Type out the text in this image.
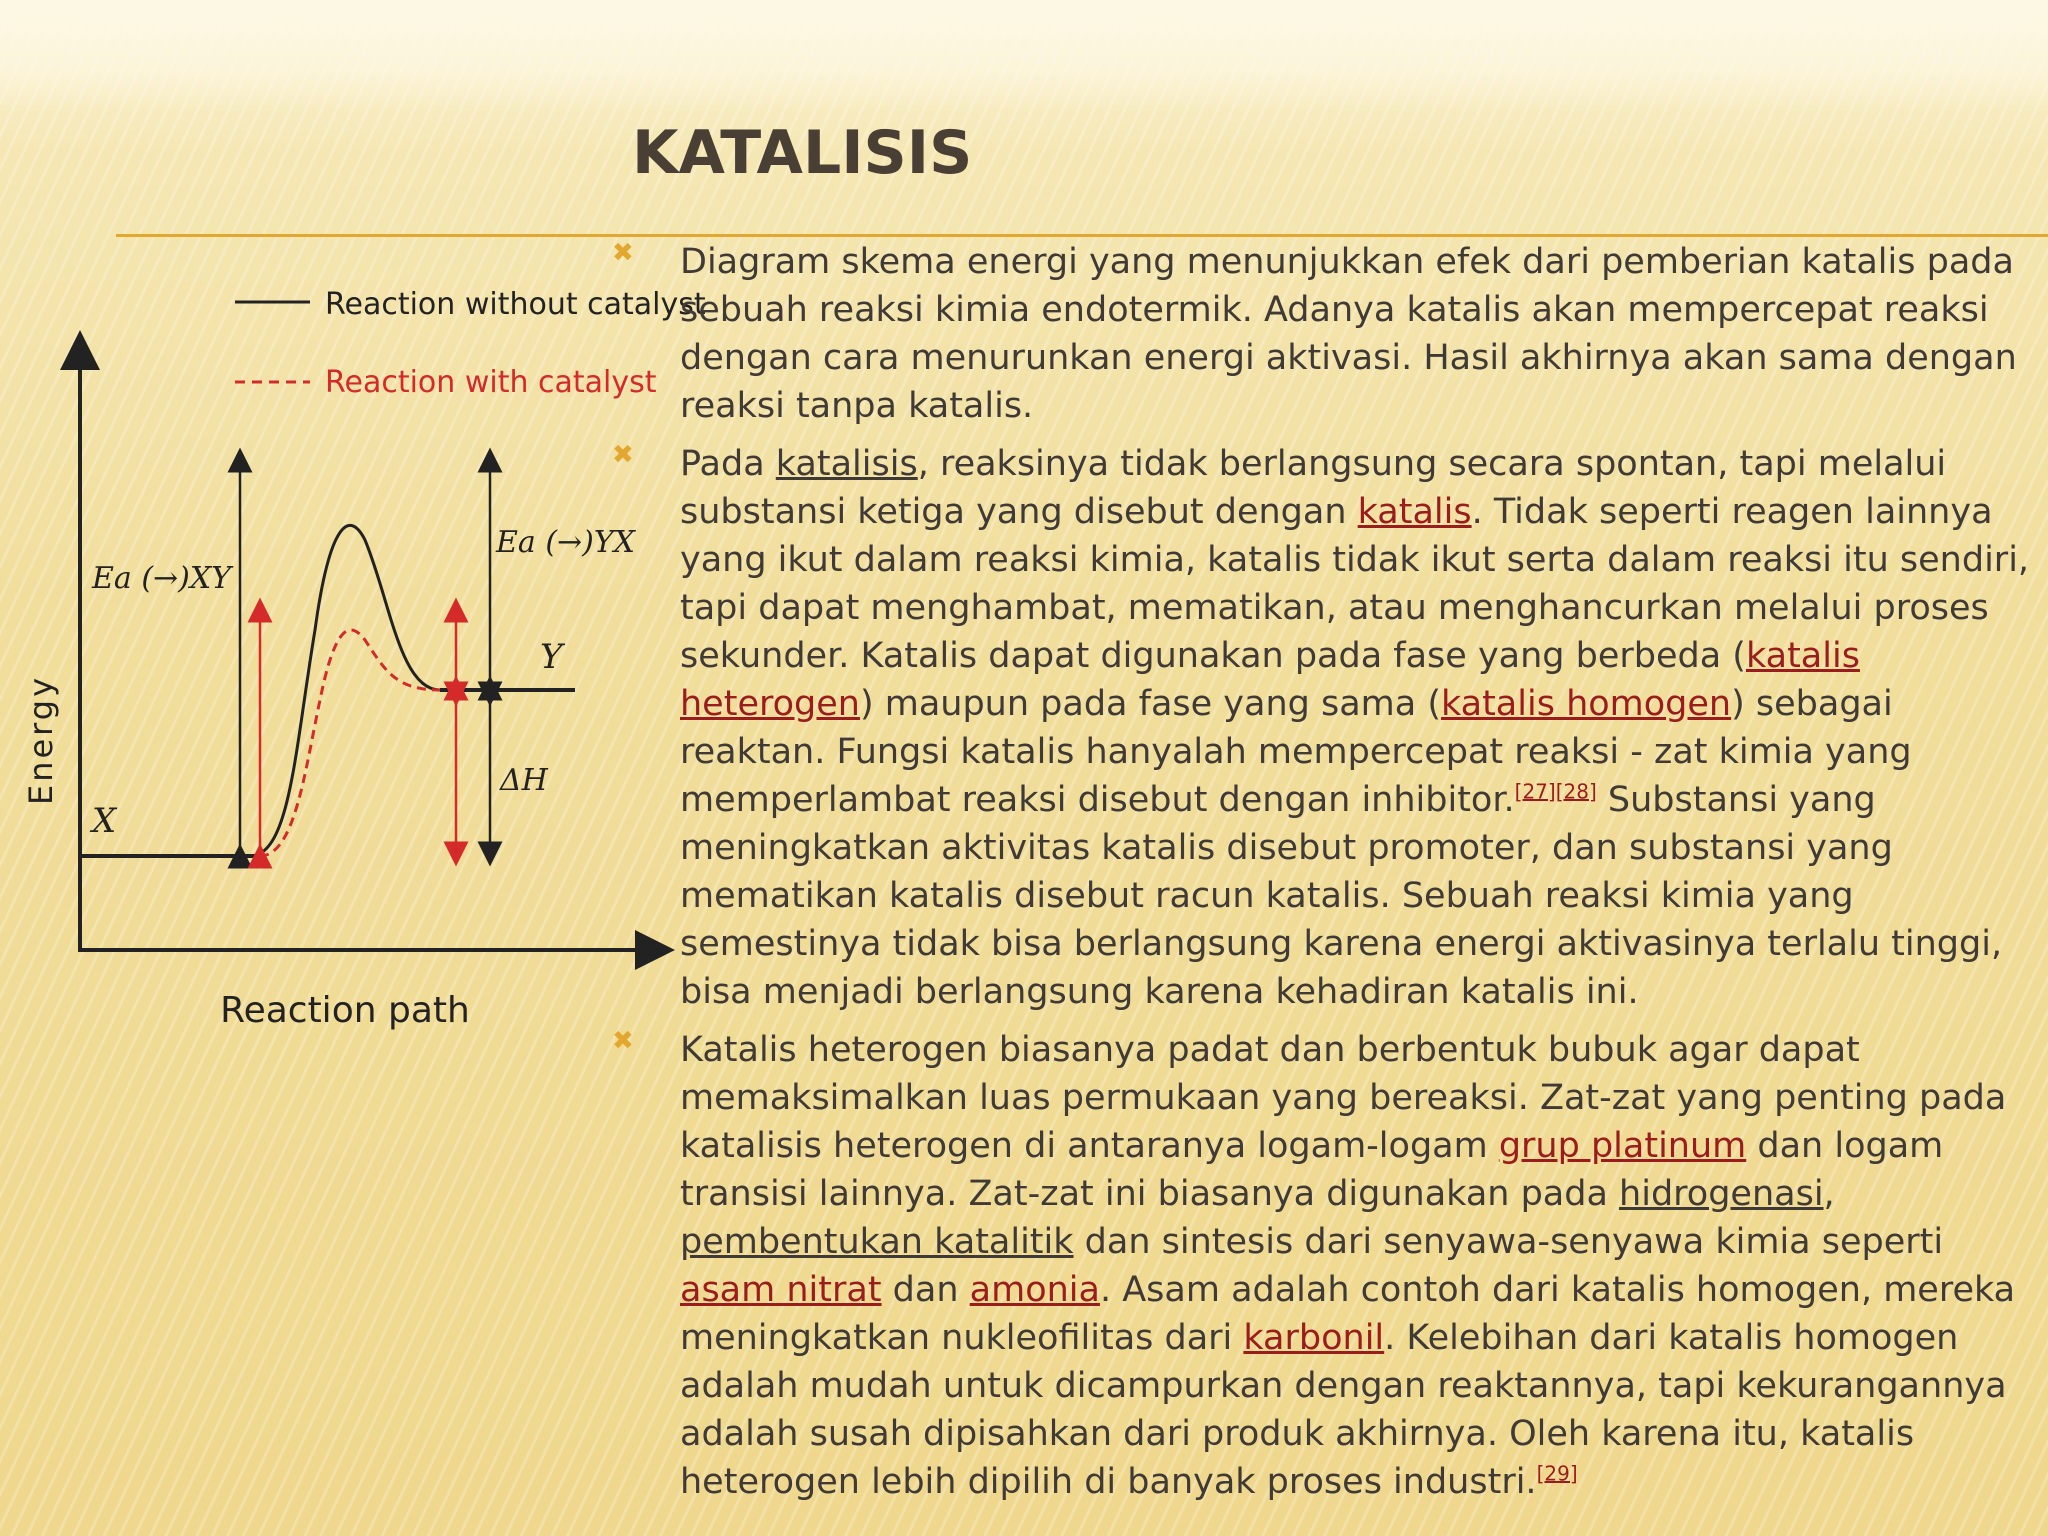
KATALISIS
Reaction without catalyst
Reaction with catalyst
Energy
Reaction path
X
Y
Ea (→)XY
Ea (→)YX
ΔH
✖ Diagram skema energi yang menunjukkan efek dari pemberian katalis pada sebuah reaksi kimia endotermik. Adanya katalis akan mempercepat reaksi dengan cara menurunkan energi aktivasi. Hasil akhirnya akan sama dengan reaksi tanpa katalis.
✖ Pada katalisis, reaksinya tidak berlangsung secara spontan, tapi melalui substansi ketiga yang disebut dengan katalis. Tidak seperti reagen lainnya yang ikut dalam reaksi kimia, katalis tidak ikut serta dalam reaksi itu sendiri, tapi dapat menghambat, mematikan, atau menghancurkan melalui proses sekunder. Katalis dapat digunakan pada fase yang berbeda (katalis heterogen) maupun pada fase yang sama (katalis homogen) sebagai reaktan. Fungsi katalis hanyalah mempercepat reaksi - zat kimia yang memperlambat reaksi disebut dengan inhibitor.[27][28] Substansi yang meningkatkan aktivitas katalis disebut promoter, dan substansi yang mematikan katalis disebut racun katalis. Sebuah reaksi kimia yang semestinya tidak bisa berlangsung karena energi aktivasinya terlalu tinggi, bisa menjadi berlangsung karena kehadiran katalis ini.
✖ Katalis heterogen biasanya padat dan berbentuk bubuk agar dapat memaksimalkan luas permukaan yang bereaksi. Zat-zat yang penting pada katalisis heterogen di antaranya logam-logam grup platinum dan logam transisi lainnya. Zat-zat ini biasanya digunakan pada hidrogenasi, pembentukan katalitik dan sintesis dari senyawa-senyawa kimia seperti asam nitrat dan amonia. Asam adalah contoh dari katalis homogen, mereka meningkatkan nukleofilitas dari karbonil. Kelebihan dari katalis homogen adalah mudah untuk dicampurkan dengan reaktannya, tapi kekurangannya adalah susah dipisahkan dari produk akhirnya. Oleh karena itu, katalis heterogen lebih dipilih di banyak proses industri.[29]
